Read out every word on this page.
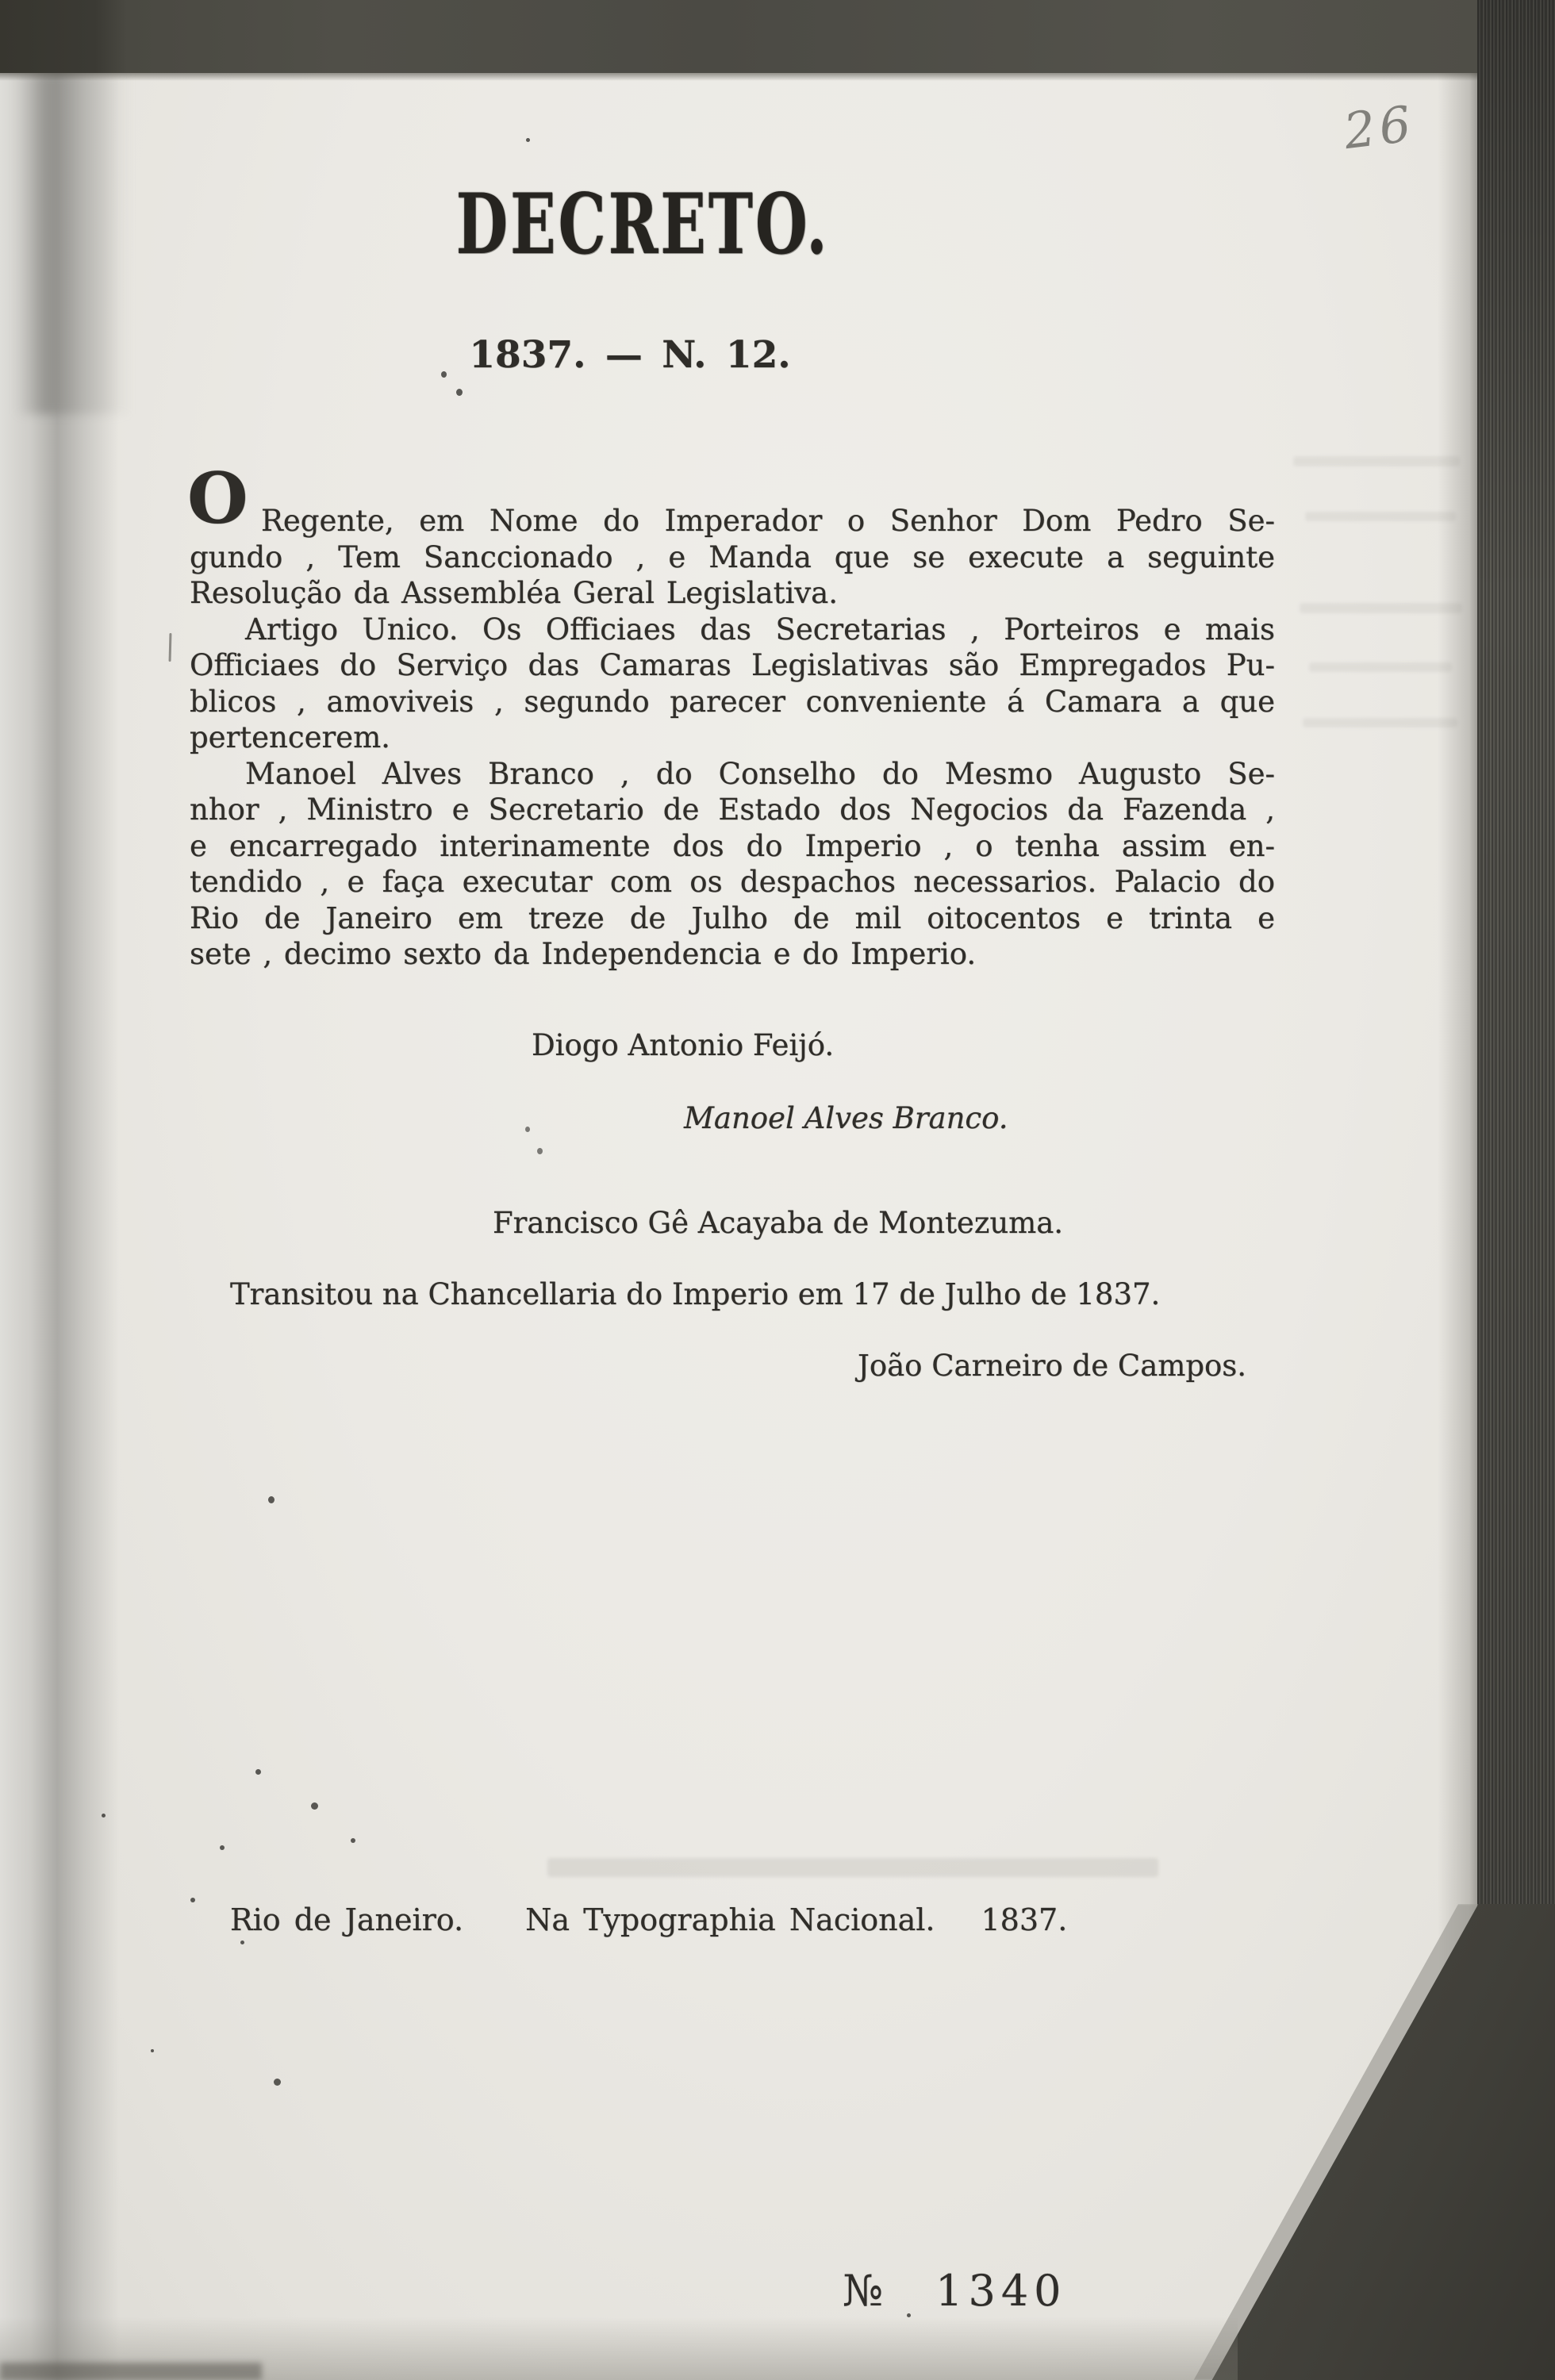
26
DECRETO.
1837. — N. 12.
O Regente, em Nome do Imperador o Senhor Dom Pedro Se-
gundo , Tem Sanccionado , e Manda que se execute a seguinte
Resolução da Assembléa Geral Legislativa.
Artigo Unico. Os Officiaes das Secretarias , Porteiros e mais
Officiaes do Serviço das Camaras Legislativas são Empregados Pu-
blicos , amoviveis , segundo parecer conveniente á Camara a que
pertencerem.
Manoel Alves Branco , do Conselho do Mesmo Augusto Se-
nhor , Ministro e Secretario de Estado dos Negocios da Fazenda ,
e encarregado interinamente dos do Imperio , o tenha assim en-
tendido , e faça executar com os despachos necessarios. Palacio do
Rio de Janeiro em treze de Julho de mil oitocentos e trinta e
sete , decimo sexto da Independencia e do Imperio.
Diogo Antonio Feijó.
Manoel Alves Branco.
Francisco Gê Acayaba de Montezuma.
Transitou na Chancellaria do Imperio em 17 de Julho de 1837.
João Carneiro de Campos.
Rio de Janeiro. Na Typographia Nacional. 1837.
№ 1340
